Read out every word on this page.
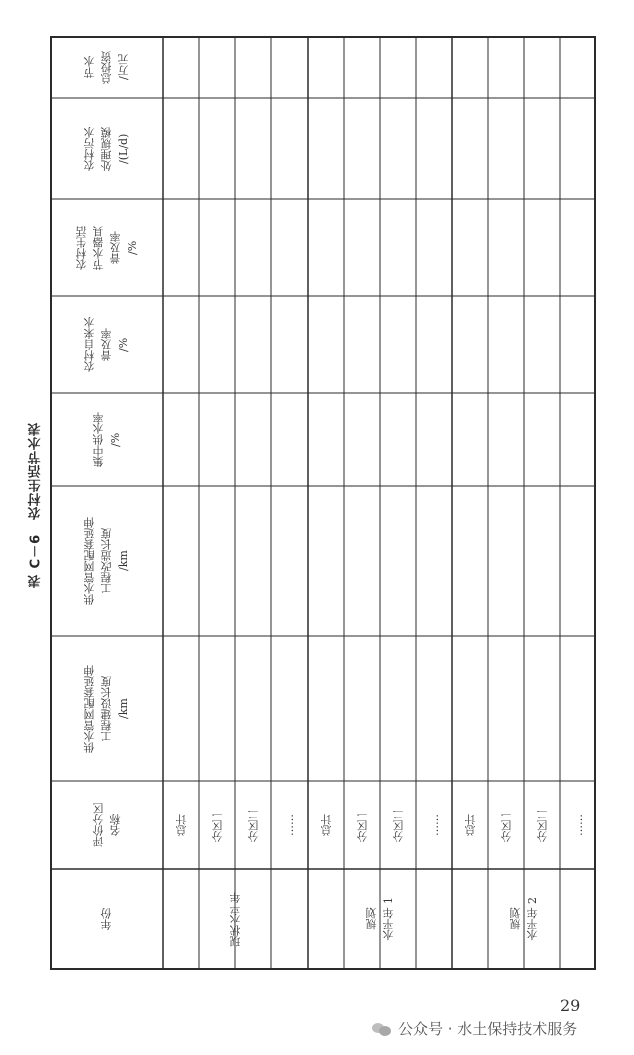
表 C－6　农村生活节水表
年份
评价分区 名称
供水管网配套延伸 工程建设长度 /km
供水管网配套延伸 工程改造长度 /km
集中供水率 /%
农村自来水 普及率 /%
农村生活 节水器具 普及率 /%
农村污水 处理规模 /(L/d)
节水 总投资 /万元
现状水平年
总计 分区一 分区二 ……
规划 水平年 1
总计 分区一 分区二 ……
规划 水平年 2
总计 分区一 分区二 ……
29
公众号 · 水土保持技术服务
